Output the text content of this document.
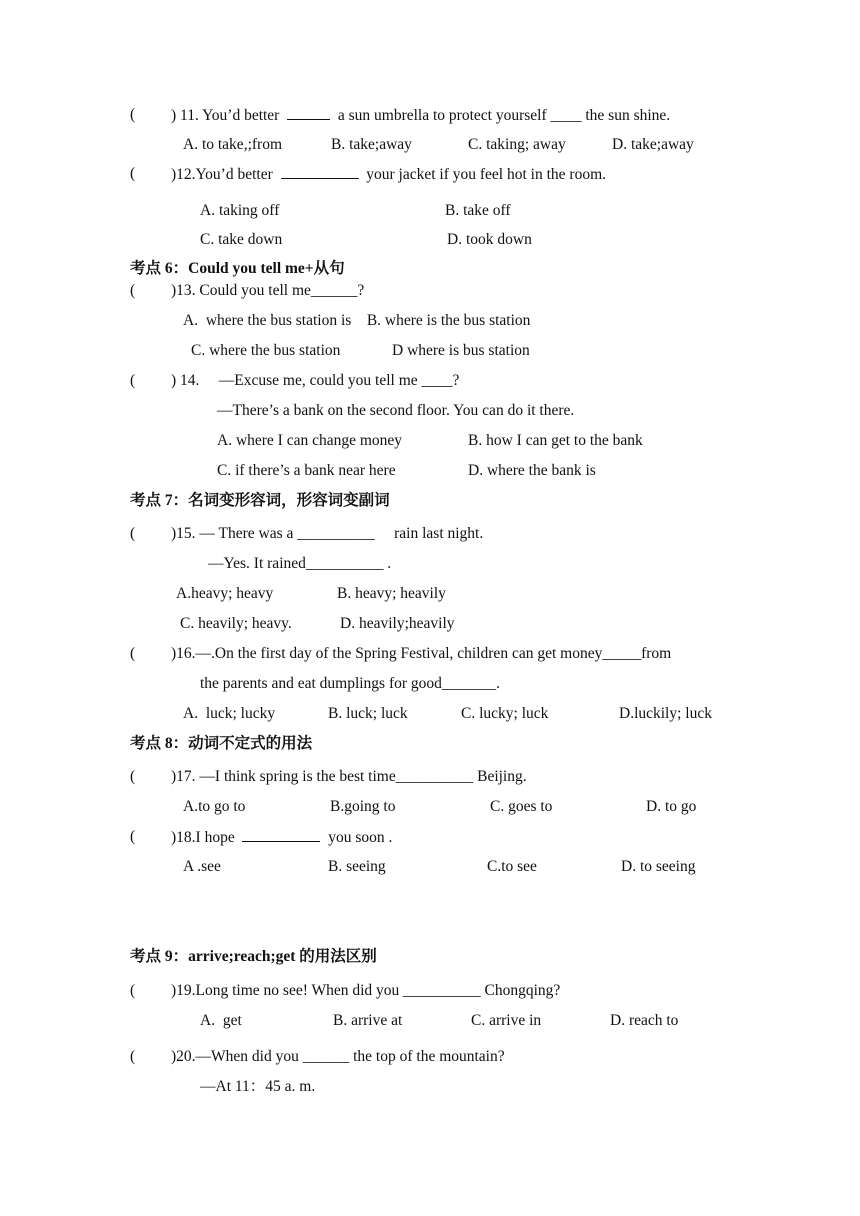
( ) 11. You’d better	a sun umbrella to protect yourself ____ the sun shine.
A. to take,;from	B. take;away	C. taking; away	D. take;away
( )12.You’d better	your jacket if you feel hot in the room.
A. taking off	B. take off
C. take down	D. took down
考点 6：Could you tell me+从句
( )13. Could you tell me______?
A.  where the bus station is    B. where is the bus station
C. where the bus station	D where is bus station
( ) 14.     —Excuse me, could you tell me ____?
—There’s a bank on the second floor. You can do it there.
A. where I can change money	B. how I can get to the bank
C. if there’s a bank near here	D. where the bank is
考点 7：名词变形容词，形容词变副词
( )15. — There was a __________     rain last night.
—Yes. It rained__________ .
A.heavy; heavy	B. heavy; heavily
C. heavily; heavy.	D. heavily;heavily
( )16.—.On the first day of the Spring Festival, children can get money_____from
the parents and eat dumplings for good_______.
A.  luck; lucky	B. luck; luck	C. lucky; luck	D.luckily; luck
考点 8：动词不定式的用法
( )17. —I think spring is the best time__________ Beijing.
A.to go to	B.going to	C. goes to	D. to go
( )18.I hope	you soon .
A .see	B. seeing	C.to see	D. to seeing
考点 9：arrive;reach;get 的用法区别
( )19.Long time no see! When did you __________ Chongqing?
A.  get	B. arrive at	C. arrive in	D. reach to
( )20.—When did you ______ the top of the mountain?
—At 11：45 a. m.
